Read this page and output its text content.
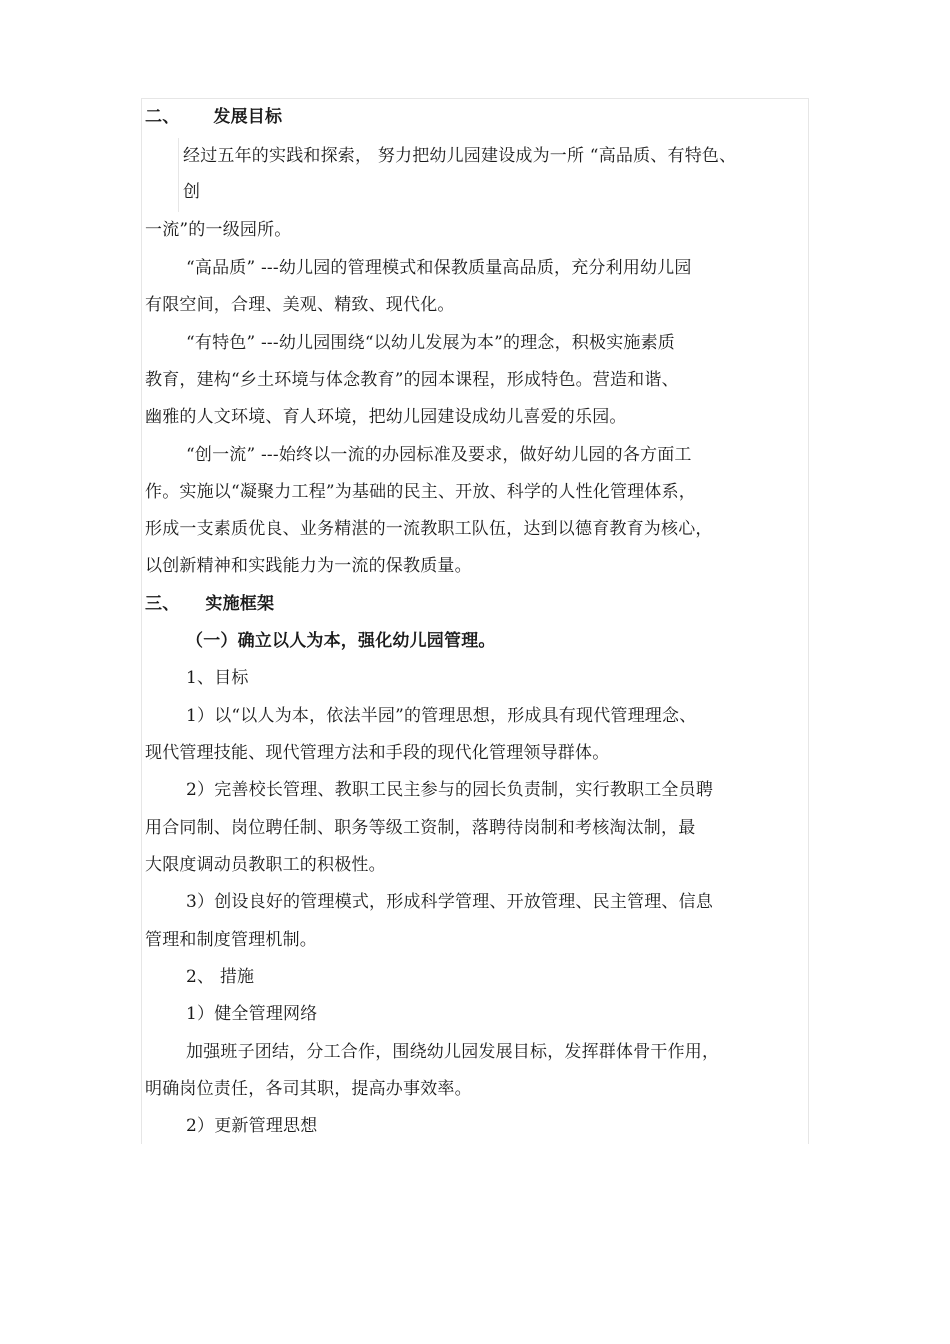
二、 发展目标
经过五年的实践和探索， 努力把幼儿园建设成为一所 “高品质、有特色、
创
一流”的一级园所。
“高品质” ---幼儿园的管理模式和保教质量高品质，充分利用幼儿园
有限空间，合理、美观、精致、现代化。
“有特色” ---幼儿园围绕“以幼儿发展为本”的理念，积极实施素质
教育，建构“乡土环境与体念教育”的园本课程，形成特色。营造和谐、
幽雅的人文环境、育人环境，把幼儿园建设成幼儿喜爱的乐园。
“创一流” ---始终以一流的办园标准及要求，做好幼儿园的各方面工
作。实施以“凝聚力工程”为基础的民主、开放、科学的人性化管理体系，
形成一支素质优良、业务精湛的一流教职工队伍，达到以德育教育为核心，
以创新精神和实践能力为一流的保教质量。
三、 实施框架
（一）确立以人为本，强化幼儿园管理。
1、目标
1）以“以人为本，依法半园”的管理思想，形成具有现代管理理念、
现代管理技能、现代管理方法和手段的现代化管理领导群体。
2）完善校长管理、教职工民主参与的园长负责制，实行教职工全员聘
用合同制、岗位聘任制、职务等级工资制，落聘待岗制和考核淘汰制，最
大限度调动员教职工的积极性。
3）创设良好的管理模式，形成科学管理、开放管理、民主管理、信息
管理和制度管理机制。
2、 措施
1）健全管理网络
加强班子团结，分工合作，围绕幼儿园发展目标，发挥群体骨干作用，
明确岗位责任，各司其职，提高办事效率。
2）更新管理思想
